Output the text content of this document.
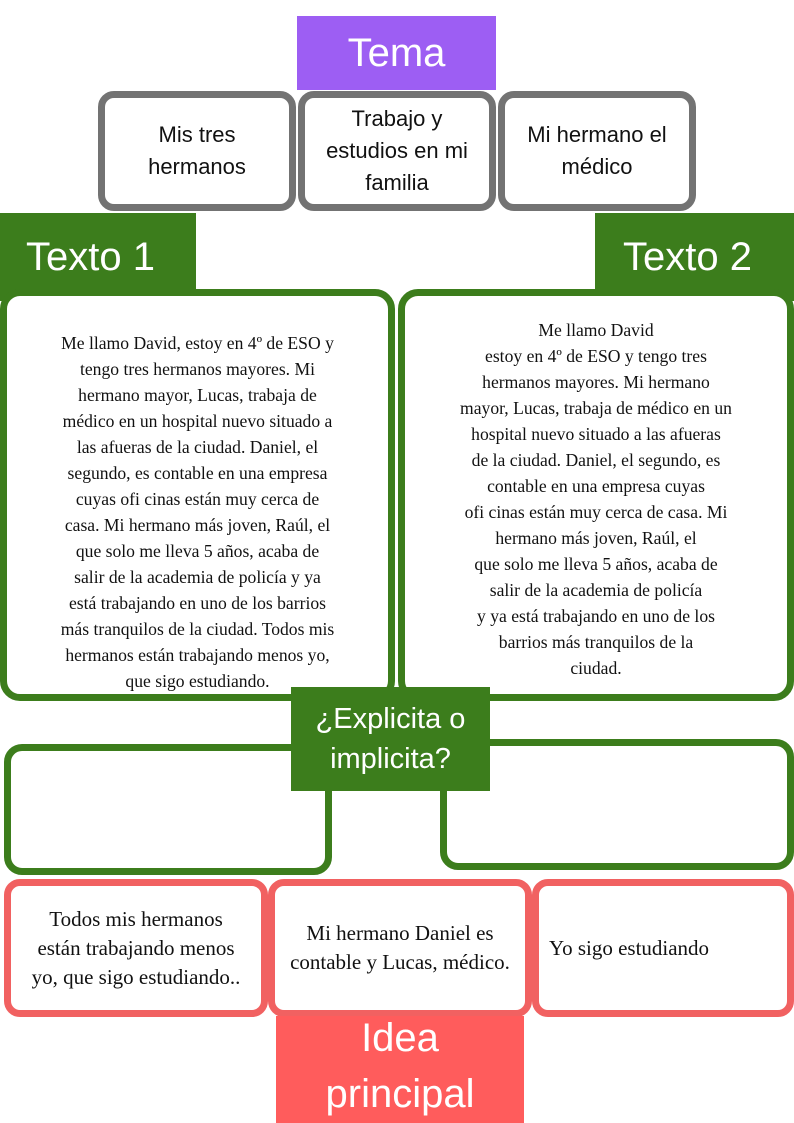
Tema
Mis tres hermanos
Trabajo y estudios en mi familia
Mi hermano el médico
Texto 1	Texto 2
Me llamo David, estoy en 4º de ESO y
tengo tres hermanos mayores. Mi
hermano mayor, Lucas, trabaja de
médico en un hospital nuevo situado a
las afueras de la ciudad. Daniel, el
segundo, es contable en una empresa
cuyas ofi cinas están muy cerca de
casa. Mi hermano más joven, Raúl, el
que solo me lleva 5 años, acaba de
salir de la academia de policía y ya
está trabajando en uno de los barrios
más tranquilos de la ciudad. Todos mis
hermanos están trabajando menos yo,
que sigo estudiando.
Me llamo David
estoy en 4º de ESO y tengo tres
hermanos mayores. Mi hermano
mayor, Lucas, trabaja de médico en un
hospital nuevo situado a las afueras
de la ciudad. Daniel, el segundo, es
contable en una empresa cuyas
ofi cinas están muy cerca de casa. Mi
hermano más joven, Raúl, el
que solo me lleva 5 años, acaba de
salir de la academia de policía
y ya está trabajando en uno de los
barrios más tranquilos de la
ciudad.
¿Explicita o
implicita?
Todos mis hermanos están trabajando menos yo, que sigo estudiando..
Mi hermano Daniel es contable y Lucas, médico.
Yo sigo estudiando
Idea
principal
